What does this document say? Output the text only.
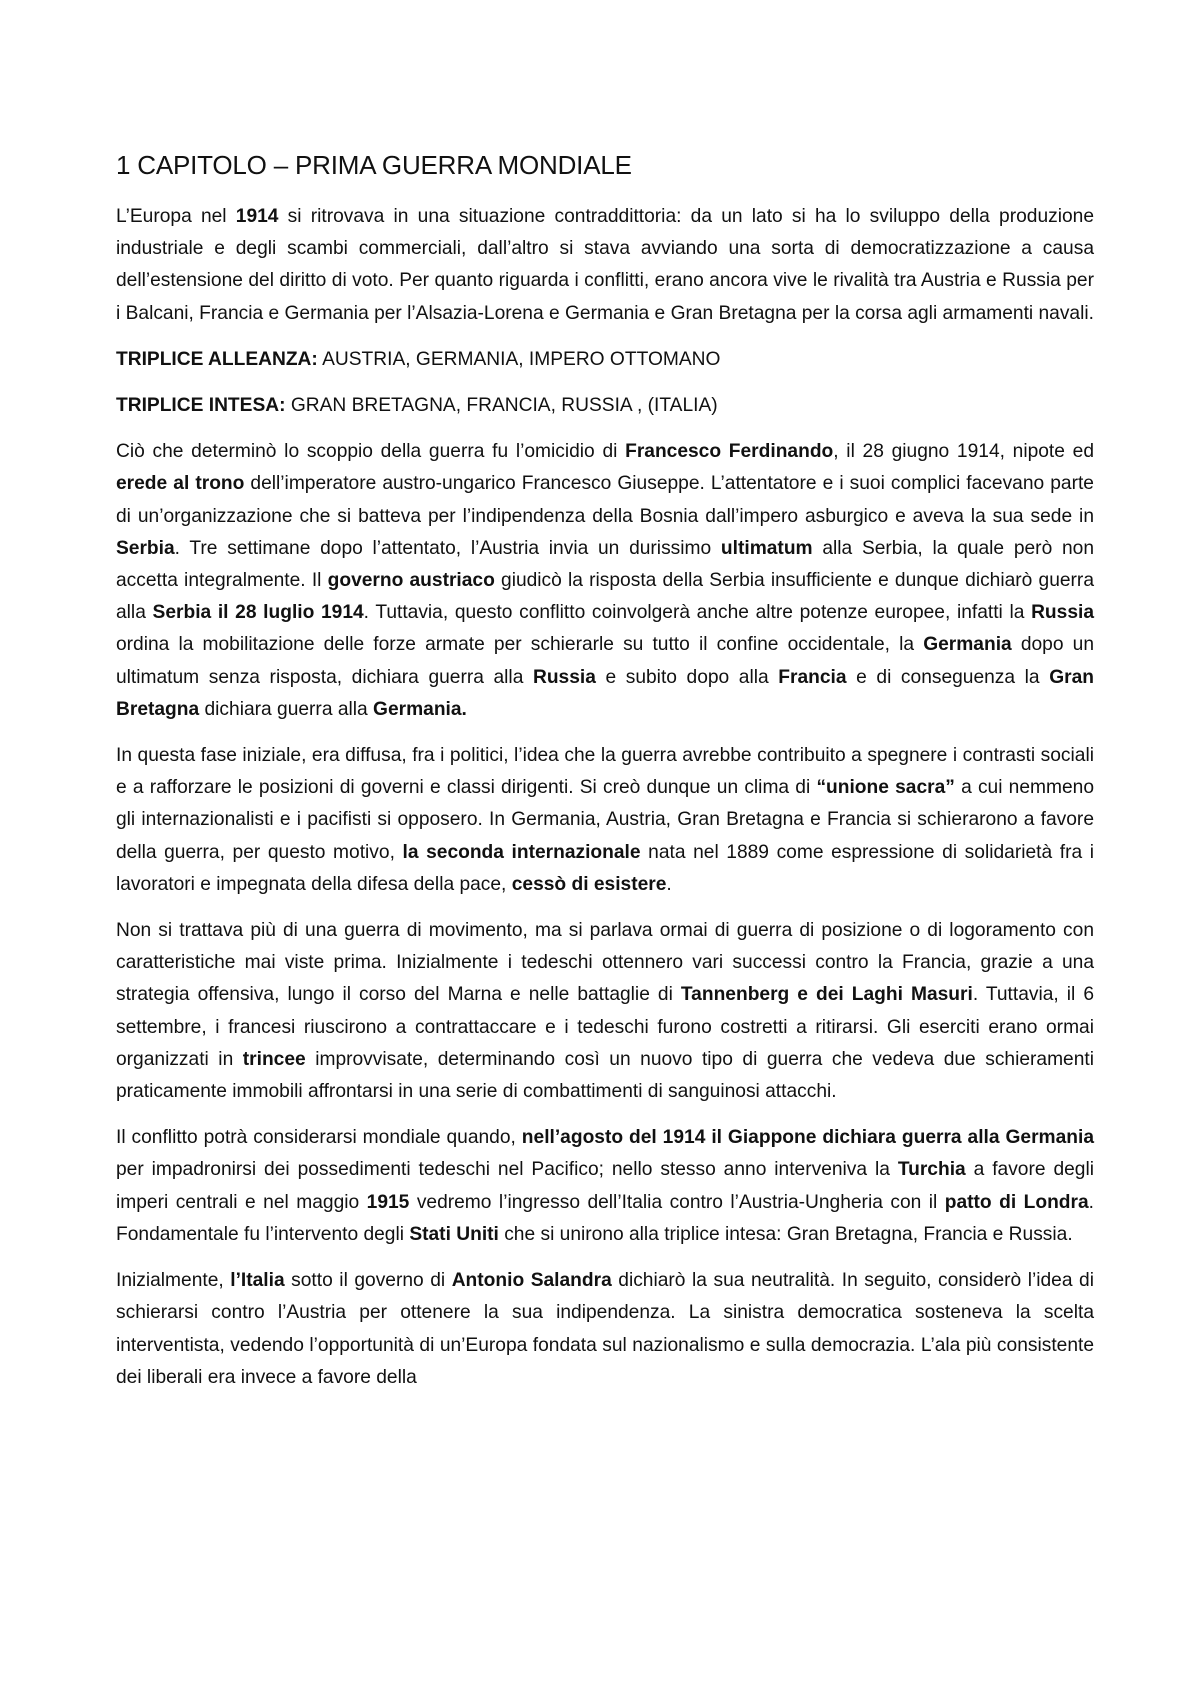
1 CAPITOLO – PRIMA GUERRA MONDIALE

L’Europa nel 1914 si ritrovava in una situazione contraddittoria: da un lato si ha lo sviluppo della produzione industriale e degli scambi commerciali, dall’altro si stava avviando una sorta di democratizzazione a causa dell’estensione del diritto di voto. Per quanto riguarda i conflitti, erano ancora vive le rivalità tra Austria e Russia per i Balcani, Francia e Germania per l’Alsazia-Lorena e Germania e Gran Bretagna per la corsa agli armamenti navali.

TRIPLICE ALLEANZA: AUSTRIA, GERMANIA, IMPERO OTTOMANO

TRIPLICE INTESA: GRAN BRETAGNA, FRANCIA, RUSSIA , (ITALIA)

Ciò che determinò lo scoppio della guerra fu l’omicidio di Francesco Ferdinando, il 28 giugno 1914, nipote ed erede al trono dell’imperatore austro-ungarico Francesco Giuseppe. L’attentatore e i suoi complici facevano parte di un’organizzazione che si batteva per l’indipendenza della Bosnia dall’impero asburgico e aveva la sua sede in Serbia. Tre settimane dopo l’attentato, l’Austria invia un durissimo ultimatum alla Serbia, la quale però non accetta integralmente. Il governo austriaco giudicò la risposta della Serbia insufficiente e dunque dichiarò guerra alla Serbia il 28 luglio 1914. Tuttavia, questo conflitto coinvolgerà anche altre potenze europee, infatti la Russia ordina la mobilitazione delle forze armate per schierarle su tutto il confine occidentale, la Germania dopo un ultimatum senza risposta, dichiara guerra alla Russia e subito dopo alla Francia e di conseguenza la Gran Bretagna dichiara guerra alla Germania.

In questa fase iniziale, era diffusa, fra i politici, l’idea che la guerra avrebbe contribuito a spegnere i contrasti sociali e a rafforzare le posizioni di governi e classi dirigenti. Si creò dunque un clima di “unione sacra” a cui nemmeno gli internazionalisti e i pacifisti si opposero. In Germania, Austria, Gran Bretagna e Francia si schierarono a favore della guerra, per questo motivo, la seconda internazionale nata nel 1889 come espressione di solidarietà fra i lavoratori e impegnata della difesa della pace, cessò di esistere.

Non si trattava più di una guerra di movimento, ma si parlava ormai di guerra di posizione o di logoramento con caratteristiche mai viste prima. Inizialmente i tedeschi ottennero vari successi contro la Francia, grazie a una strategia offensiva, lungo il corso del Marna e nelle battaglie di Tannenberg e dei Laghi Masuri. Tuttavia, il 6 settembre, i francesi riuscirono a contrattaccare e i tedeschi furono costretti a ritirarsi. Gli eserciti erano ormai organizzati in trincee improvvisate, determinando così un nuovo tipo di guerra che vedeva due schieramenti praticamente immobili affrontarsi in una serie di combattimenti di sanguinosi attacchi.

Il conflitto potrà considerarsi mondiale quando, nell’agosto del 1914 il Giappone dichiara guerra alla Germania per impadronirsi dei possedimenti tedeschi nel Pacifico; nello stesso anno interveniva la Turchia a favore degli imperi centrali e nel maggio 1915 vedremo l’ingresso dell’Italia contro l’Austria-Ungheria con il patto di Londra. Fondamentale fu l’intervento degli Stati Uniti che si unirono alla triplice intesa: Gran Bretagna, Francia e Russia.

Inizialmente, l’Italia sotto il governo di Antonio Salandra dichiarò la sua neutralità. In seguito, considerò l’idea di schierarsi contro l’Austria per ottenere la sua indipendenza. La sinistra democratica sosteneva la scelta interventista, vedendo l’opportunità di un’Europa fondata sul nazionalismo e sulla democrazia. L’ala più consistente dei liberali era invece a favore della
